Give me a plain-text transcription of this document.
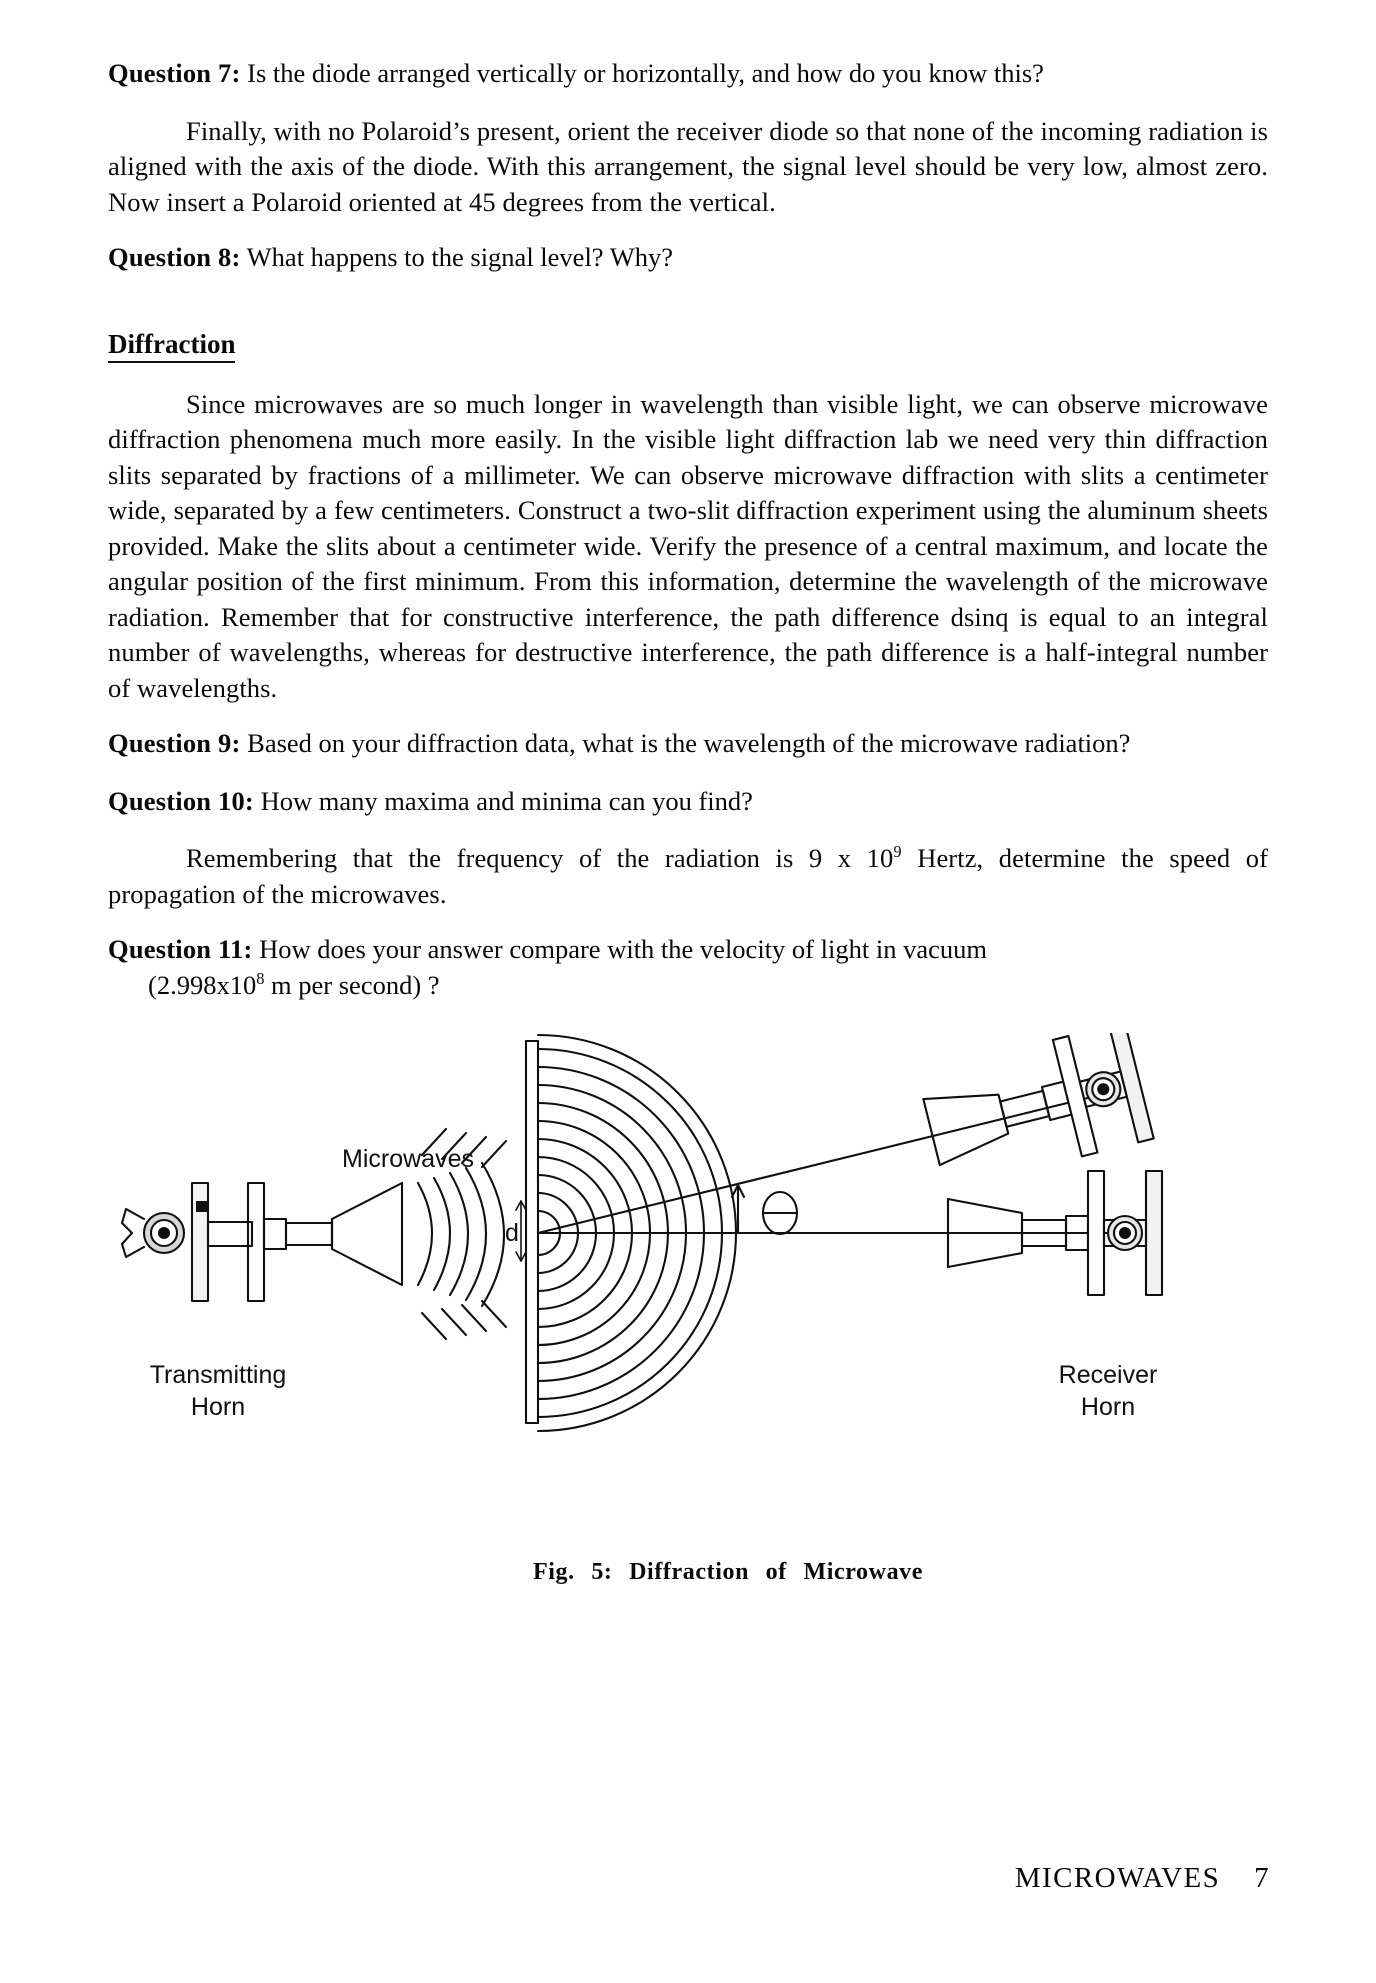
Question 7: Is the diode arranged vertically or horizontally, and how do you know this?

Finally, with no Polaroid’s present, orient the receiver diode so that none of the incoming radiation is aligned with the axis of the diode. With this arrangement, the signal level should be very low, almost zero. Now insert a Polaroid oriented at 45 degrees from the vertical.

Question 8: What happens to the signal level? Why?

Diffraction

Since microwaves are so much longer in wavelength than visible light, we can observe microwave diffraction phenomena much more easily. In the visible light diffraction lab we need very thin diffraction slits separated by fractions of a millimeter. We can observe microwave diffraction with slits a centimeter wide, separated by a few centimeters. Construct a two-slit diffraction experiment using the aluminum sheets provided. Make the slits about a centimeter wide. Verify the presence of a central maximum, and locate the angular position of the first minimum. From this information, determine the wavelength of the microwave radiation. Remember that for constructive interference, the path difference dsinq is equal to an integral number of wavelengths, whereas for destructive interference, the path difference is a half-integral number of wavelengths.

Question 9: Based on your diffraction data, what is the wavelength of the microwave radiation?

Question 10: How many maxima and minima can you find?

Remembering that the frequency of the radiation is 9 x $10^9$ Hertz, determine the speed of propagation of the microwaves.

Question 11: How does your answer compare with the velocity of light in vacuum
($2.998x10^8$ m per second) ?

Microwaves
d
Transmitting
Horn
Receiver
Horn
Fig. 5: Diffraction of Microwave
MICROWAVES 7
